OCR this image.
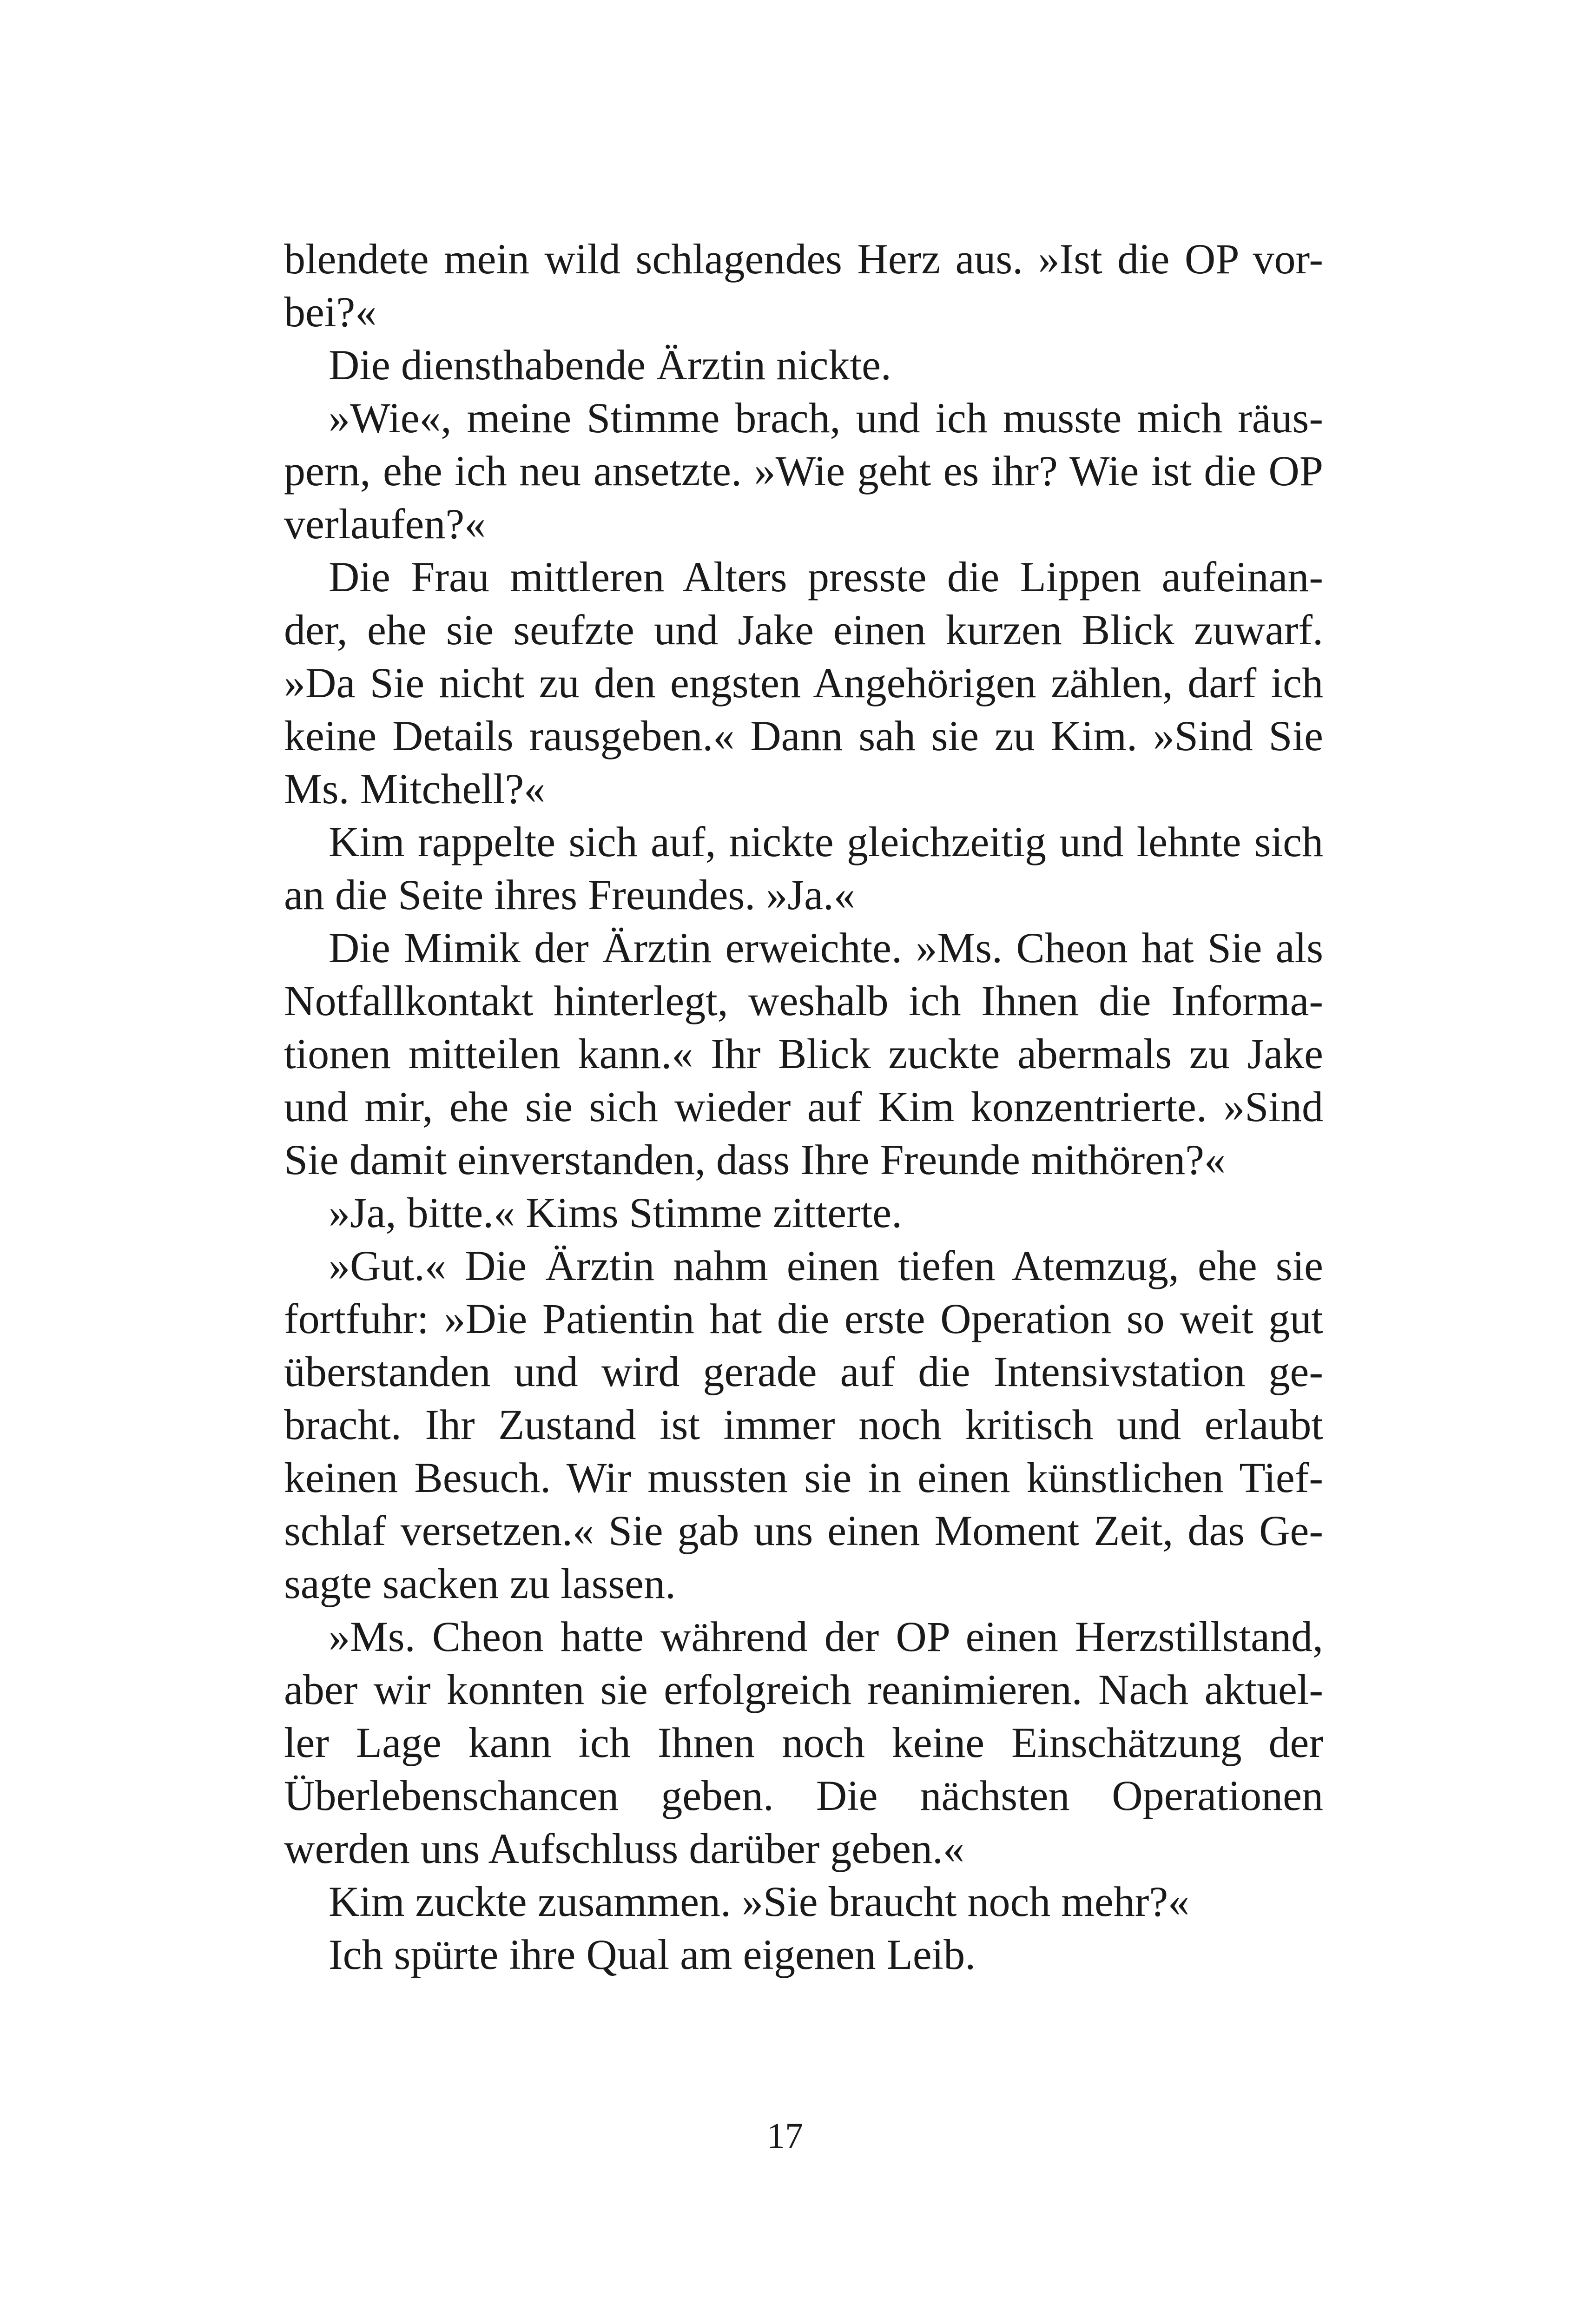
blendete mein wild schlagendes Herz aus. »Ist die OP vor-
bei?«
Die diensthabende Ärztin nickte.
»Wie«, meine Stimme brach, und ich musste mich räus-
pern, ehe ich neu ansetzte. »Wie geht es ihr? Wie ist die OP
verlaufen?«
Die Frau mittleren Alters presste die Lippen aufeinan-
der, ehe sie seufzte und Jake einen kurzen Blick zuwarf.
»Da Sie nicht zu den engsten Angehörigen zählen, darf ich
keine Details rausgeben.« Dann sah sie zu Kim. »Sind Sie
Ms. Mitchell?«
Kim rappelte sich auf, nickte gleichzeitig und lehnte sich
an die Seite ihres Freundes. »Ja.«
Die Mimik der Ärztin erweichte. »Ms. Cheon hat Sie als
Notfallkontakt hinterlegt, weshalb ich Ihnen die Informa-
tionen mitteilen kann.« Ihr Blick zuckte abermals zu Jake
und mir, ehe sie sich wieder auf Kim konzentrierte. »Sind
Sie damit einverstanden, dass Ihre Freunde mithören?«
»Ja, bitte.« Kims Stimme zitterte.
»Gut.« Die Ärztin nahm einen tiefen Atemzug, ehe sie
fortfuhr: »Die Patientin hat die erste Operation so weit gut
überstanden und wird gerade auf die Intensivstation ge-
bracht. Ihr Zustand ist immer noch kritisch und erlaubt
keinen Besuch. Wir mussten sie in einen künstlichen Tief-
schlaf versetzen.« Sie gab uns einen Moment Zeit, das Ge-
sagte sacken zu lassen.
»Ms. Cheon hatte während der OP einen Herzstillstand,
aber wir konnten sie erfolgreich reanimieren. Nach aktuel-
ler Lage kann ich Ihnen noch keine Einschätzung der
Überlebenschancen geben. Die nächsten Operationen
werden uns Aufschluss darüber geben.«
Kim zuckte zusammen. »Sie braucht noch mehr?«
Ich spürte ihre Qual am eigenen Leib.
17
